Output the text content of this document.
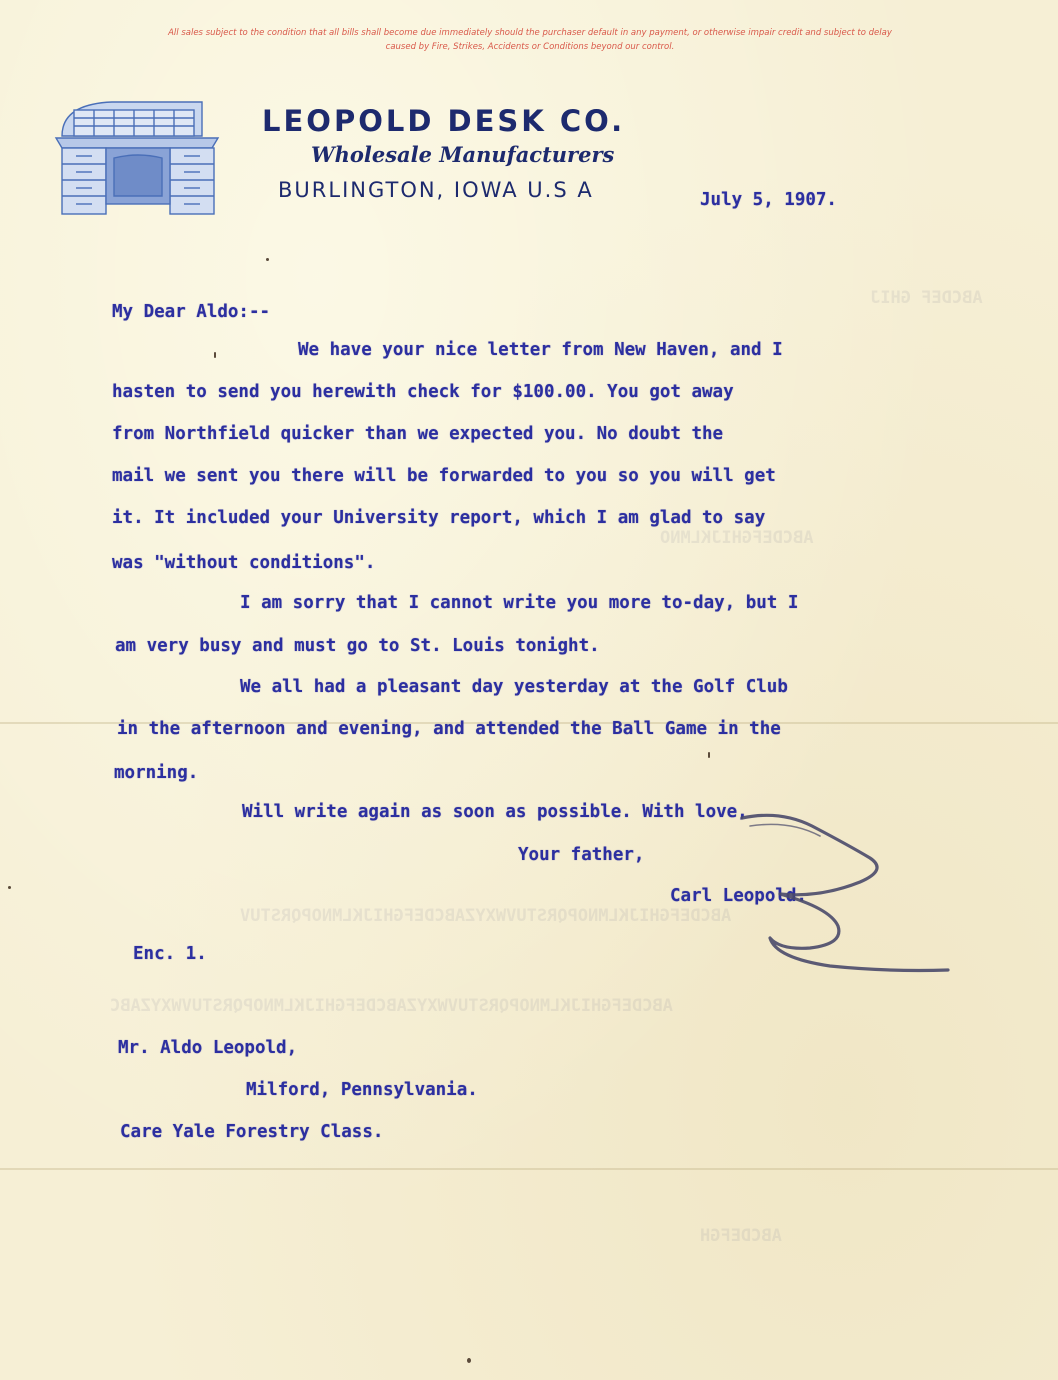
ABCDEF GHIJ
ABCDEFGHIJKLMNO
ABCDEFGHIJKLMNOPQRSTUVWXYZABCDEFGHIJKLMNOPQRSTUV
ABCDEFGHIJKLMNOPQRSTUVWXYZABCDEFGHIJKLMNOPQRSTUVWXYZABC
ABCDEFGH
All sales subject to the condition that all bills shall become due immediately should the purchaser default in any payment, or otherwise impair credit and subject to delay
caused by Fire, Strikes, Accidents or Conditions beyond our control.
LEOPOLD DESK CO.
Wholesale Manufacturers
BURLINGTON, IOWA U.S A	July 5, 1907.
My Dear Aldo:--
We have your nice letter from New Haven, and I
hasten to send you herewith check for $100.00. You got away
from Northfield quicker than we expected you. No doubt the
mail we sent you there will be forwarded to you so you will get
it. It included your University report, which I am glad to say
was "without conditions".
I am sorry that I cannot write you more to-day, but I
am very busy and must go to St. Louis tonight.
We all had a pleasant day yesterday at the Golf Club
in the afternoon and evening, and attended the Ball Game in the
morning.
Will write again as soon as possible. With love,
Your father,
Carl Leopold.
Enc. 1.
Mr. Aldo Leopold,
Milford, Pennsylvania.
Care Yale Forestry Class.
